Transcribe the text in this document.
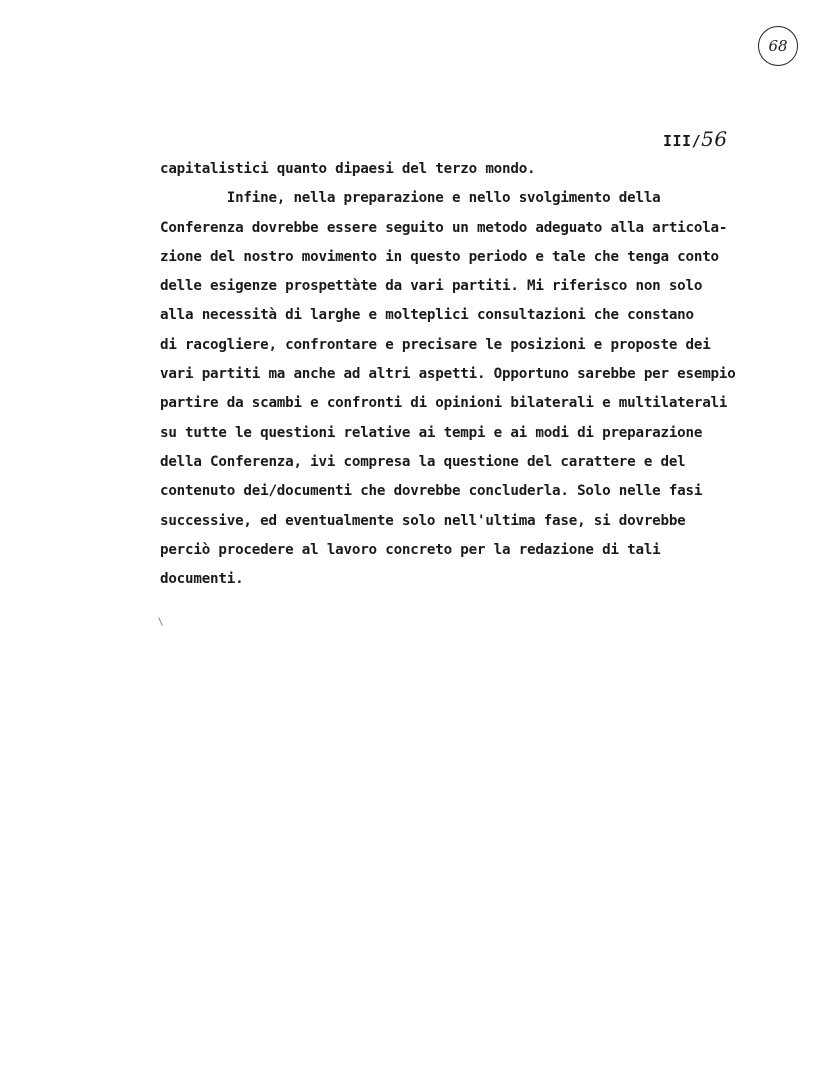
68
III/56
capitalistici quanto dipaesi del terzo mondo.
Infine, nella preparazione e nello svolgimento della
Conferenza dovrebbe essere seguito un metodo adeguato alla articola-
zione del nostro movimento in questo periodo e tale che tenga conto
delle esigenze prospettàte da vari partiti. Mi riferisco non solo
alla necessità di larghe e molteplici consultazioni che constano
di racogliere, confrontare e precisare le posizioni e proposte dei
vari partiti ma anche ad altri aspetti. Opportuno sarebbe per esempio
partire da scambi e confronti di opinioni bilaterali e multilaterali
su tutte le questioni relative ai tempi e ai modi di preparazione
della Conferenza, ivi compresa la questione del carattere e del
contenuto dei/documenti che dovrebbe concluderla. Solo nelle fasi
successive, ed eventualmente solo nell'ultima fase, si dovrebbe
perciò procedere al lavoro concreto per la redazione di tali
documenti.
